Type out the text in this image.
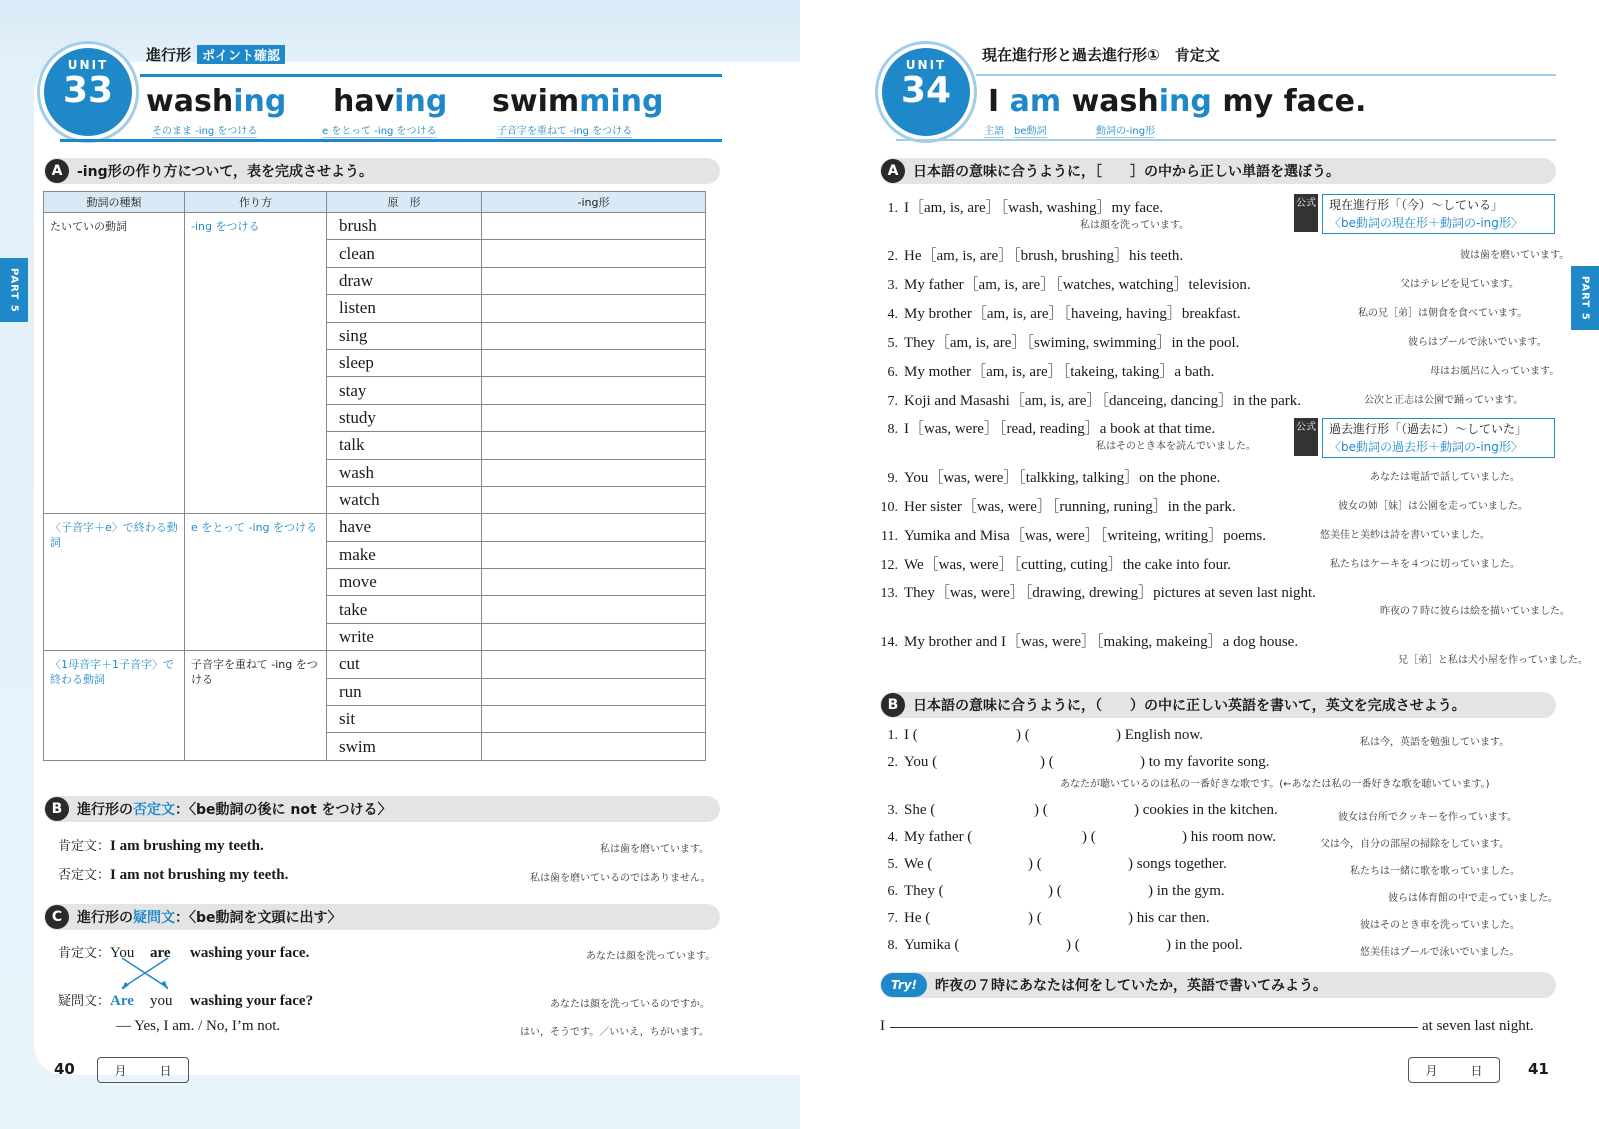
PART 5
UNIT
33
進行形 ポイント確認
washing
そのまま -ing をつける
having
e をとって -ing をつける
swimming
子音字を重ねて -ing をつける
A	-ing形の作り方について，表を完成させよう。
動詞の種類	作り方	原　形	-ing形
たいていの動詞	-ing をつける	brush	
		clean	
		draw	
		listen	
		sing	
		sleep	
		stay	
		study	
		talk	
		wash	
		watch	
〈子音字＋e〉で終わる動詞	e をとって -ing をつける	have	
		make	
		move	
		take	
		write	
〈1母音字＋1子音字〉で終わる動詞	子音字を重ねて -ing をつける	cut	
		run	
		sit	
		swim	
B	進行形の 否定文 ：〈be動詞の後に not をつける〉
肯定文：I am brushing my teeth.	私は歯を磨いています。
否定文：I am not brushing my teeth.	私は歯を磨いているのではありません。
C	進行形の 疑問文 ：〈be動詞を文頭に出す〉
肯定文：You are washing your face.	あなたは顔を洗っています。
疑問文：Are you washing your face?	あなたは顔を洗っているのですか。
— Yes, I am. / No, I’m not.	はい，そうです。／いいえ，ちがいます。
40	月	日
PART 5
UNIT
34
現在進行形と過去進行形①　肯定文
I am washing my face.
主語 be動詞	動詞の-ing形
A	日本語の意味に合うように，［　　］の中から正しい単語を選ぼう。
1. I［am, is, are］［wash, washing］my face.
私は顔を洗っています。
2. He［am, is, are］［brush, brushing］his teeth.	彼は歯を磨いています。
3. My father［am, is, are］［watches, watching］television.	父はテレビを見ています。
4. My brother［am, is, are］［haveing, having］breakfast.	私の兄［弟］は朝食を食べています。
5. They［am, is, are］［swiming, swimming］in the pool.	彼らはプールで泳いでいます。
6. My mother［am, is, are］［takeing, taking］a bath.	母はお風呂に入っています。
7. Koji and Masashi［am, is, are］［danceing, dancing］in the park.	公次と正志は公園で踊っています。
8. I［was, were］［read, reading］a book at that time.
私はそのとき本を読んでいました。
9. You［was, were］［talkking, talking］on the phone.	あなたは電話で話していました。
10. Her sister［was, were］［running, runing］in the park.	彼女の姉［妹］は公園を走っていました。
11. Yumika and Misa［was, were］［writeing, writing］poems.	悠美佳と美紗は詩を書いていました。
12. We［was, were］［cutting, cuting］the cake into four.	私たちはケーキを４つに切っていました。
13. They［was, were］［drawing, drewing］pictures at seven last night.
昨夜の７時に彼らは絵を描いていました。
14. My brother and I［was, were］［making, makeing］a dog house.
兄［弟］と私は犬小屋を作っていました。
公式 現在進行形「（今）～している」
〈be動詞の現在形＋動詞の-ing形〉
公式 過去進行形「（過去に）～していた」
〈be動詞の過去形＋動詞の-ing形〉
B	日本語の意味に合うように，（　　）の中に正しい英語を書いて，英文を完成させよう。
1. I (	) (	) English now.	私は今，英語を勉強しています。
2. You (	) (	) to my favorite song.
あなたが聴いているのは私の一番好きな歌です。(←あなたは私の一番好きな歌を聴いています。)
3. She (	) (	) cookies in the kitchen.	彼女は台所でクッキーを作っています。
4. My father (	) (	) his room now.	父は今，自分の部屋の掃除をしています。
5. We (	) (	) songs together.	私たちは一緒に歌を歌っていました。
6. They (	) (	) in the gym.	彼らは体育館の中で走っていました。
7. He (	) (	) his car then.	彼はそのとき車を洗っていました。
8. Yumika (	) (	) in the pool.	悠美佳はプールで泳いでいました。
Try!	昨夜の７時にあなたは何をしていたか，英語で書いてみよう。
I	at seven last night.
月	日	41
